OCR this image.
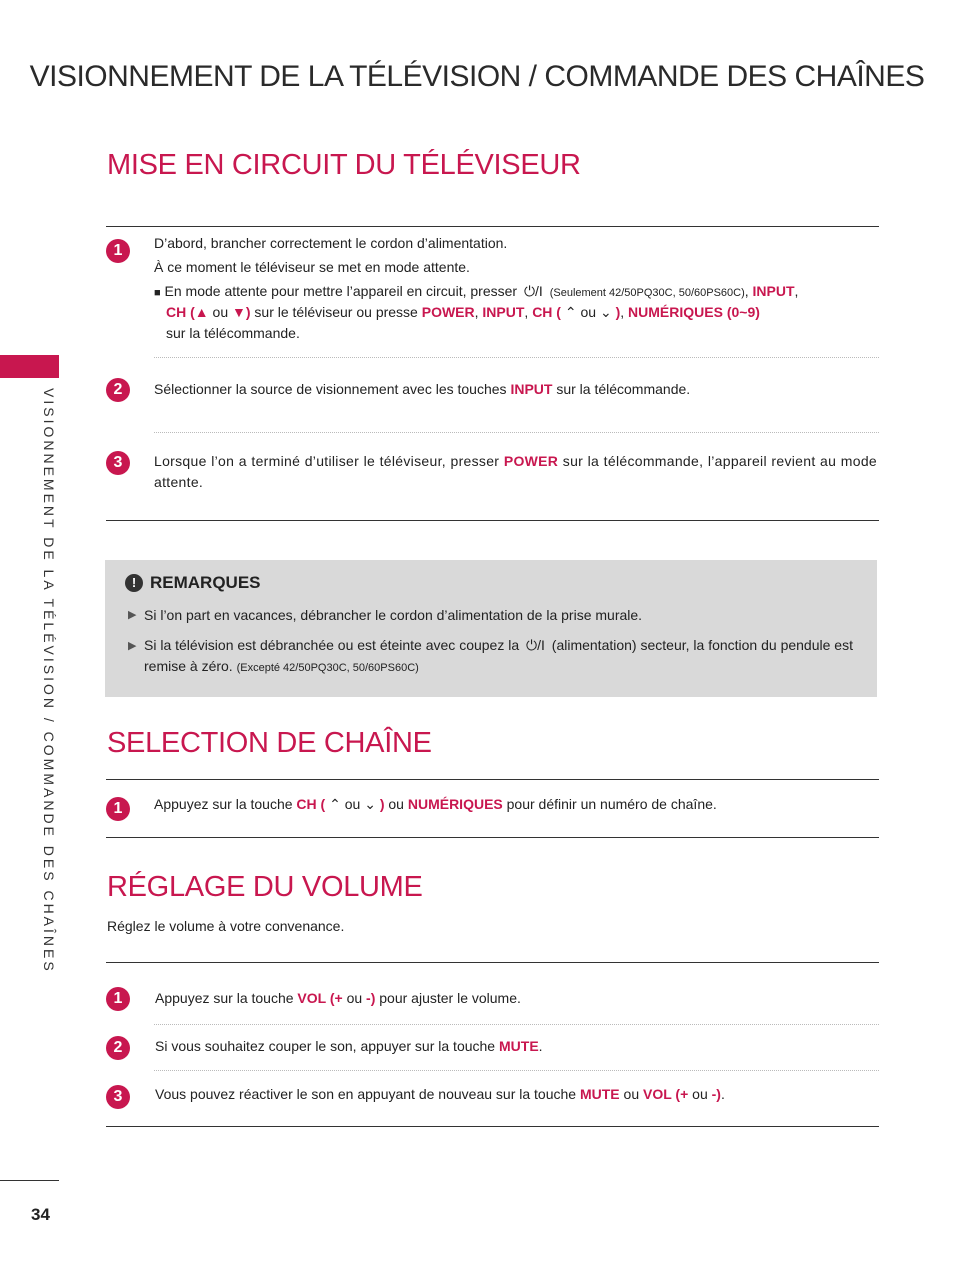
VISIONNEMENT DE LA TÉLÉVISION / COMMANDE DES CHAÎNES
VISIONNEMENT DE LA TÉLÉVISION / COMMANDE DES CHAÎNES
34
MISE EN CIRCUIT DU TÉLÉVISEUR
1	D’abord, brancher correctement le cordon d’alimentation.
À ce moment le téléviseur se met en mode attente.
■ En mode attente pour mettre l’appareil en circuit, presser ⏻/I (Seulement 42/50PQ30C, 50/60PS60C), INPUT,
CH (▲ ou ▼) sur le téléviseur ou presse POWER, INPUT, CH ( ⌃ ou ⌄ ), NUMÉRIQUES (0~9)
sur la télécommande.
2	Sélectionner la source de visionnement avec les touches INPUT sur la télécommande.
3	Lorsque l’on a terminé d’utiliser le téléviseur, presser POWER sur la télécommande, l’appareil revient au mode attente.
! REMARQUES
▶ Si l’on part en vacances, débrancher le cordon d’alimentation de la prise murale.
▶ Si la télévision est débranchée ou est éteinte avec coupez la ⏻/I (alimentation) secteur, la fonction du pendule est remise à zéro. (Excepté 42/50PQ30C, 50/60PS60C)
SELECTION DE CHAÎNE
1	Appuyez sur la touche CH ( ⌃ ou ⌄ ) ou NUMÉRIQUES pour définir un numéro de chaîne.
RÉGLAGE DU VOLUME
Réglez le volume à votre convenance.
1	Appuyez sur la touche VOL (+ ou -) pour ajuster le volume.
2	Si vous souhaitez couper le son, appuyer sur la touche MUTE.
3	Vous pouvez réactiver le son en appuyant de nouveau sur la touche MUTE ou VOL (+ ou -).
